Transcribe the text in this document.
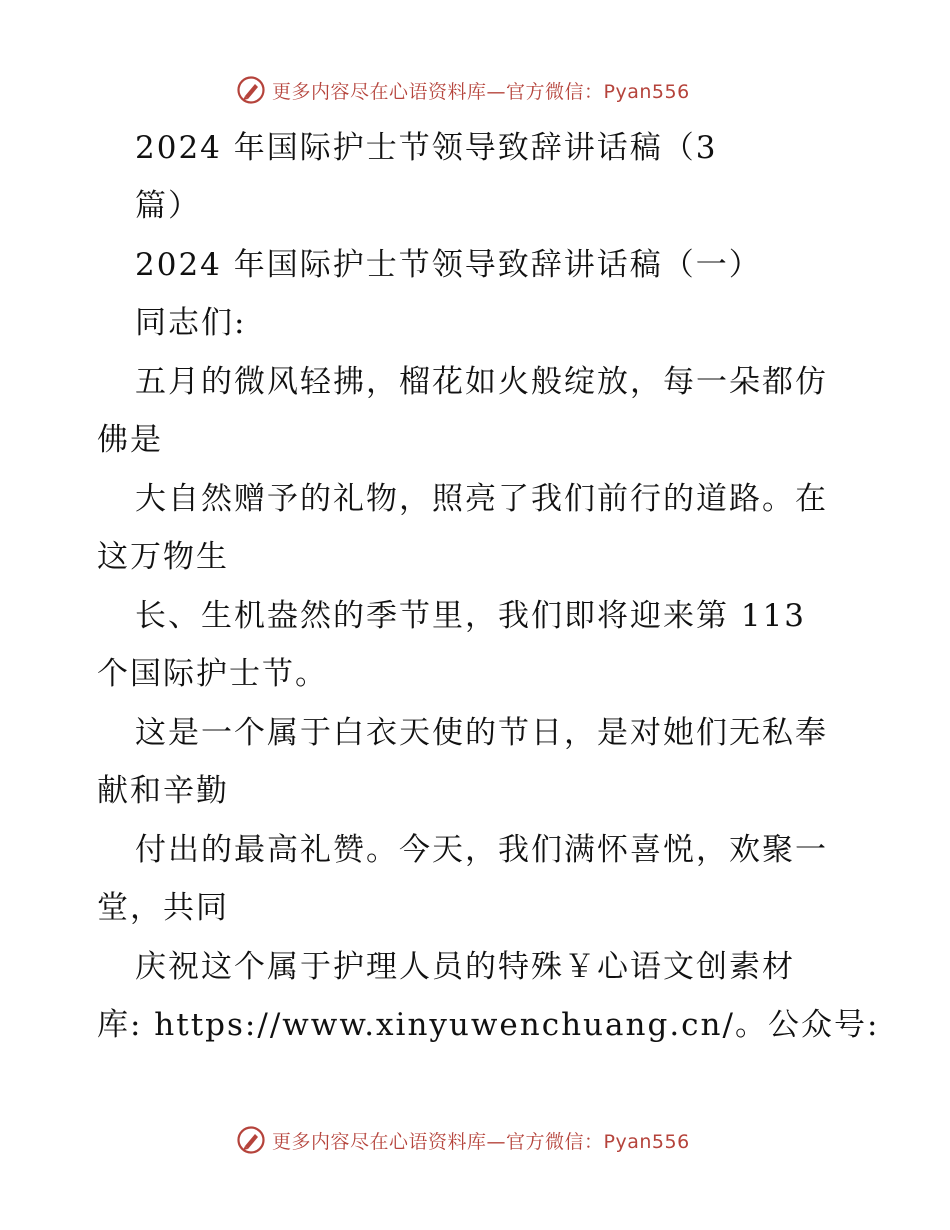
更多内容尽在心语资料库—官方微信：Pyan556
2024 年国际护士节领导致辞讲话稿（3
篇）
2024 年国际护士节领导致辞讲话稿（一）
同志们:
五月的微风轻拂，榴花如火般绽放，每一朵都仿
佛是
大自然赠予的礼物，照亮了我们前行的道路。在
这万物生
长、生机盎然的季节里，我们即将迎来第 113
个国际护士节。
这是一个属于白衣天使的节日，是对她们无私奉
献和辛勤
付出的最高礼赞。今天，我们满怀喜悦，欢聚一
堂，共同
庆祝这个属于护理人员的特殊￥心语文创素材
库: https://www.xinyuwenchuang.cn/。公众号:
更多内容尽在心语资料库—官方微信：Pyan556
